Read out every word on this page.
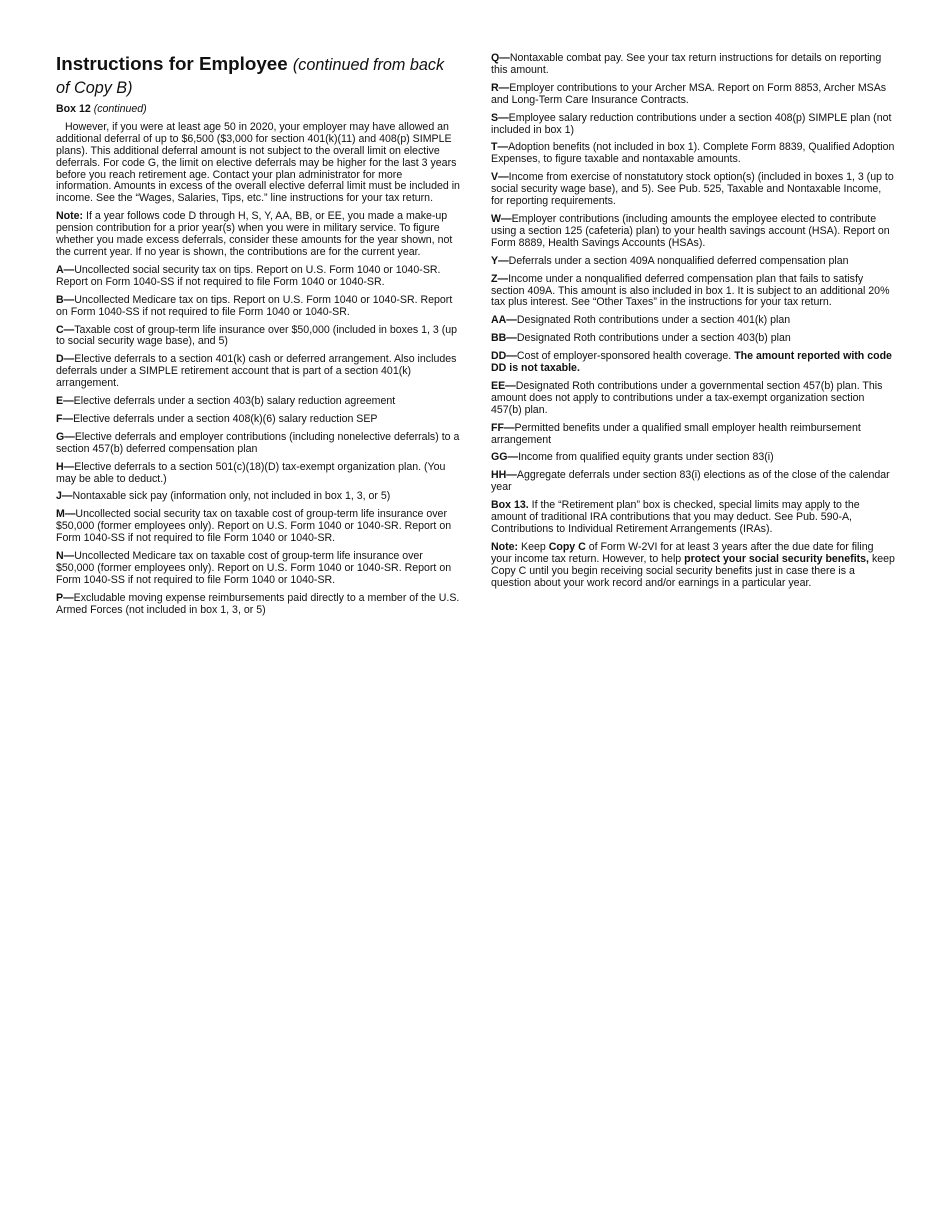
Instructions for Employee (continued from back of Copy B)
Box 12 (continued)

However, if you were at least age 50 in 2020, your employer may have allowed an additional deferral of up to $6,500 ($3,000 for section 401(k)(11) and 408(p) SIMPLE plans). This additional deferral amount is not subject to the overall limit on elective deferrals. For code G, the limit on elective deferrals may be higher for the last 3 years before you reach retirement age. Contact your plan administrator for more information. Amounts in excess of the overall elective deferral limit must be included in income. See the “Wages, Salaries, Tips, etc.” line instructions for your tax return.

Note: If a year follows code D through H, S, Y, AA, BB, or EE, you made a make-up pension contribution for a prior year(s) when you were in military service. To figure whether you made excess deferrals, consider these amounts for the year shown, not the current year. If no year is shown, the contributions are for the current year.

A—Uncollected social security tax on tips. Report on U.S. Form 1040 or 1040-SR. Report on Form 1040-SS if not required to file Form 1040 or 1040-SR.

B—Uncollected Medicare tax on tips. Report on U.S. Form 1040 or 1040-SR. Report on Form 1040-SS if not required to file Form 1040 or 1040-SR.

C—Taxable cost of group-term life insurance over $50,000 (included in boxes 1, 3 (up to social security wage base), and 5)

D—Elective deferrals to a section 401(k) cash or deferred arrangement. Also includes deferrals under a SIMPLE retirement account that is part of a section 401(k) arrangement.

E—Elective deferrals under a section 403(b) salary reduction agreement

F—Elective deferrals under a section 408(k)(6) salary reduction SEP

G—Elective deferrals and employer contributions (including nonelective deferrals) to a section 457(b) deferred compensation plan

H—Elective deferrals to a section 501(c)(18)(D) tax-exempt organization plan. (You may be able to deduct.)

J—Nontaxable sick pay (information only, not included in box 1, 3, or 5)

M—Uncollected social security tax on taxable cost of group-term life insurance over $50,000 (former employees only). Report on U.S. Form 1040 or 1040-SR. Report on Form 1040-SS if not required to file Form 1040 or 1040-SR.

N—Uncollected Medicare tax on taxable cost of group-term life insurance over $50,000 (former employees only). Report on U.S. Form 1040 or 1040-SR. Report on Form 1040-SS if not required to file Form 1040 or 1040-SR.

P—Excludable moving expense reimbursements paid directly to a member of the U.S. Armed Forces (not included in box 1, 3, or 5)

Q—Nontaxable combat pay. See your tax return instructions for details on reporting this amount.

R—Employer contributions to your Archer MSA. Report on Form 8853, Archer MSAs and Long-Term Care Insurance Contracts.

S—Employee salary reduction contributions under a section 408(p) SIMPLE plan (not included in box 1)

T—Adoption benefits (not included in box 1). Complete Form 8839, Qualified Adoption Expenses, to figure taxable and nontaxable amounts.

V—Income from exercise of nonstatutory stock option(s) (included in boxes 1, 3 (up to social security wage base), and 5). See Pub. 525, Taxable and Nontaxable Income, for reporting requirements.

W—Employer contributions (including amounts the employee elected to contribute using a section 125 (cafeteria) plan) to your health savings account (HSA). Report on Form 8889, Health Savings Accounts (HSAs).

Y—Deferrals under a section 409A nonqualified deferred compensation plan

Z—Income under a nonqualified deferred compensation plan that fails to satisfy section 409A. This amount is also included in box 1. It is subject to an additional 20% tax plus interest. See “Other Taxes” in the instructions for your tax return.

AA—Designated Roth contributions under a section 401(k) plan

BB—Designated Roth contributions under a section 403(b) plan

DD—Cost of employer-sponsored health coverage. The amount reported with code DD is not taxable.

EE—Designated Roth contributions under a governmental section 457(b) plan. This amount does not apply to contributions under a tax-exempt organization section 457(b) plan.

FF—Permitted benefits under a qualified small employer health reimbursement arrangement

GG—Income from qualified equity grants under section 83(i)

HH—Aggregate deferrals under section 83(i) elections as of the close of the calendar year

Box 13. If the “Retirement plan” box is checked, special limits may apply to the amount of traditional IRA contributions that you may deduct. See Pub. 590-A, Contributions to Individual Retirement Arrangements (IRAs).

Note: Keep Copy C of Form W-2VI for at least 3 years after the due date for filing your income tax return. However, to help protect your social security benefits, keep Copy C until you begin receiving social security benefits just in case there is a question about your work record and/or earnings in a particular year.
